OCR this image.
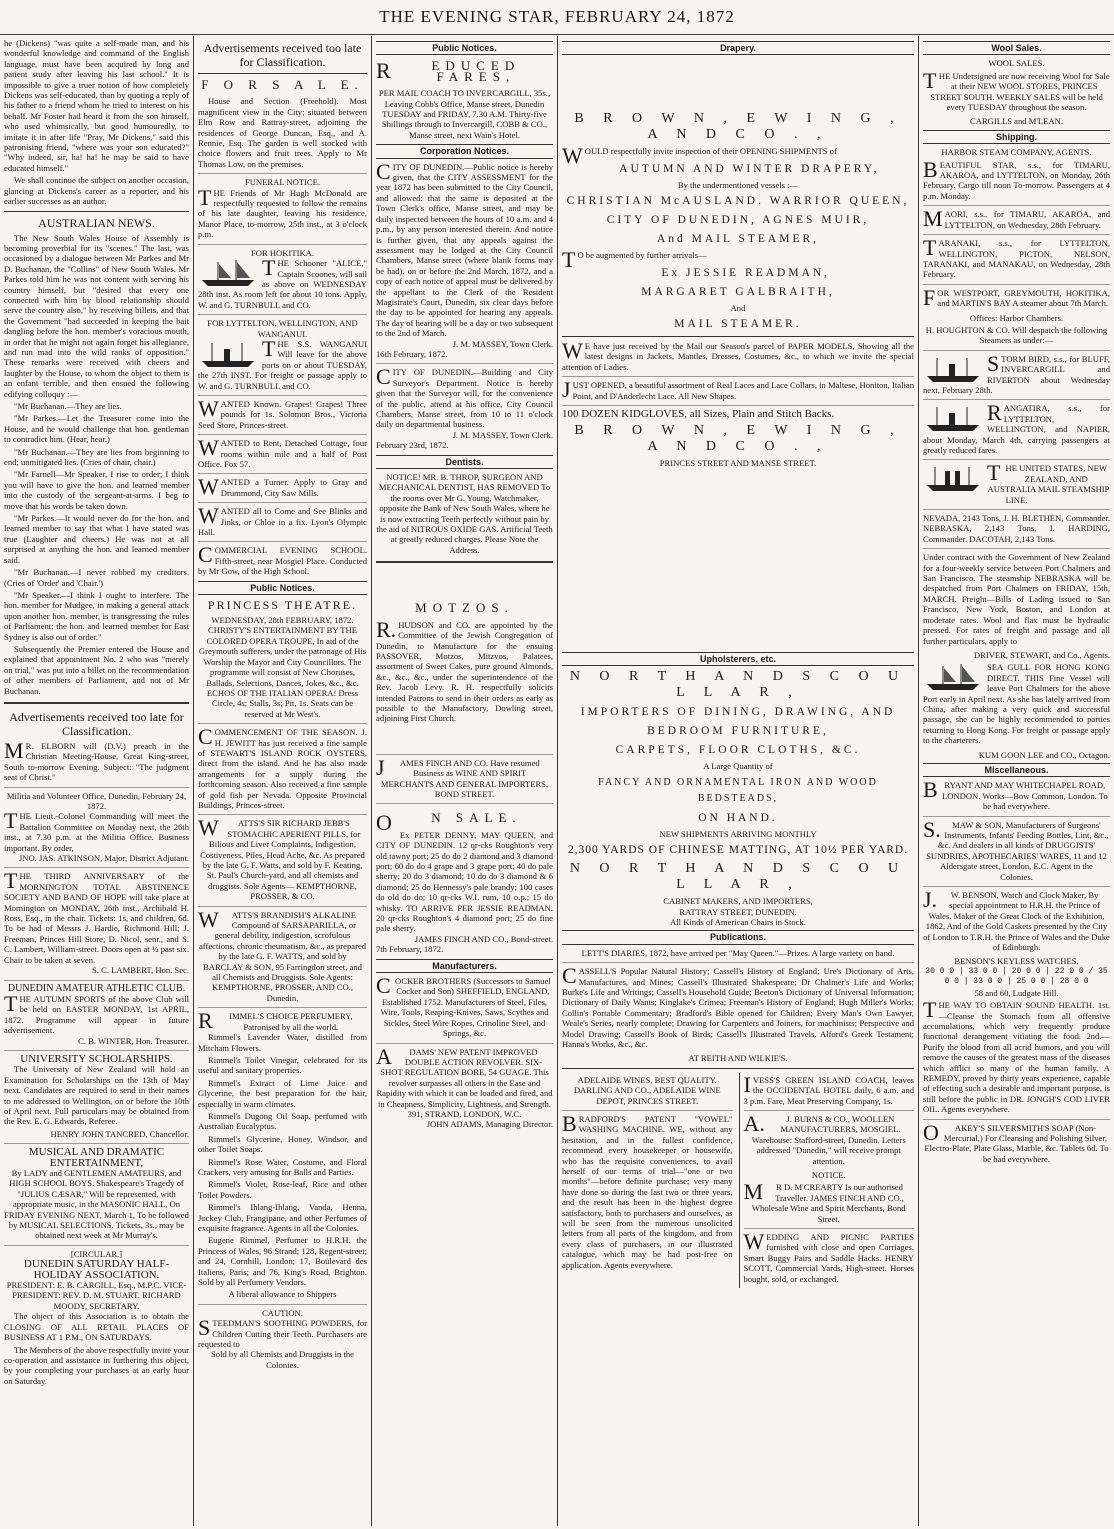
THE EVENING STAR, FEBRUARY 24, 1872

he (Dickens) "was quite a self-made man, and his wonderful knowledge and command of the English language, must have been acquired by long and patient study after leaving his last school." It is impossible to give a truer notion of how completely Dickens was self-educated, than by quoting a reply of his father to a friend whom he tried to interest on his behalf. Mr Foster had heard it from the son himself, who used whimsically, but good humouredly, to imitate it in after life "Pray, Mr Dickens," said this patronising friend, "where was your son educated?" "Why indeed, sir, ha! ha! he may be said to have educated himself."

We shall continue the subject on another occasion, glancing at Dickens's career as a reporter, and his earlier successes as an author.

AUSTRALIAN NEWS.

The New South Wales House of Assembly is becoming proverbial for its "scenes." The last, was occasioned by a dialogue between Mr Parkes and Mr D. Buchanan, the "Collins" of New South Wales. Mr Parkes told him he was not content with serving his country himself, but "desired that every one connected with him by blood relationship should serve the country also," by receiving billets, and that the Government "had succeeded in keeping the bait dangling before the hon. member's voracious mouth, in order that he might not again forget his allegiance, and run mad into the wild ranks of opposition." These remarks were received with cheers and laughter by the House, to whom the object to them is an enfant terrible, and then ensued the following edifying colloquy :—

"Mr Buchanan.—They are lies.

"Mr Parkes.—Let the Treasurer come into the House, and he would challenge that hon. gentleman to contradict him. (Hear, hear.)

"Mr Buchanan.—They are lies from beginning to end; unmitigated lies. (Cries of chair, chair.)

"Mr Farnell—Mr Speaker, I rise to order; I think you will have to give the hon. and learned member into the custody of the sergeant-at-arms. I beg to move that his words be taken down.

"Mr Parkes.—It would never do for the hon. and learned member to say that what I have stated was true (Laughter and cheers.) He was not at all surprised at anything the hon. and learned member said.

"Mr Buchanan.—I never robbed my creditors. (Cries of 'Order' and 'Chair.')

"Mr Speaker.—I think I ought to interfere. The hon. member for Mudgee, in making a general attack upon another hon. member, is transgressing the rules of Parliament; the hon. and learned member for East Sydney is also out of order."

Subsequently the Premier entered the House and explained that appointment No. 2 who was "merely on trial," was put into a billet on the recommendation of other members of Parliament, and not of Mr Buchanan.

Advertisements received too late for Classification.
MR. ELBORN will (D.V.) preach in the Christian Meeting-House, Great King-street, South to-morrow Evening. Subject: "The judgment seat of Christ."
Militia and Volunteer Office, Dunedin, February 24, 1872.
THE Lieut.-Colonel Commanding will meet the Battalion Committee on Monday next, the 26th inst., at 7.30 p.m. at the Militia Office. Business important. By order,
JNO. JAS. ATKINSON, Major, District Adjutant.
THE THIRD ANNIVERSARY of the MORNINGTON TOTAL ABSTINENCE SOCIETY AND BAND OF HOPE will take place at Mornington on MONDAY, 26th inst., Archibald H. Ross, Esq., in the chair. Tickets: 1s, and children, 6d. To be had of Messrs J. Hardie, Richmond Hill; J. Freeman, Princes Hill Store; D. Nicol, senr., and S. C. Lambert, William-street. Doors open at ¼ past six. Chair to be taken at seven.
S. C. LAMBERT, Hon. Sec.
DUNEDIN AMATEUR ATHLETIC CLUB.
THE AUTUMN SPORTS of the above Club will be held on EASTER MONDAY, 1st APRIL, 1872. Programme will appear in future advertisement.
C. B. WINTER, Hon. Treasurer.
UNIVERSITY SCHOLARSHIPS.

The University of New Zealand will hold an Examination for Scholarships on the 13th of May next. Candidates are required to send in their names to me addressed to Wellington, on or before the 10th of April next. Full particulars may be obtained from the Rev. E. G. Edwards, Referee.

HENRY JOHN TANCRED, Chancellor.
MUSICAL AND DRAMATIC ENTERTAINMENT,
By LADY and GENTLEMEN AMATEURS, and HIGH SCHOOL BOYS. Shakespeare's Tragedy of "JULIUS CÆSAR," Will be represented, with appropriate music, in the MASONIC HALL, On FRIDAY EVENING NEXT, March 1, To be followed by MUSICAL SELECTIONS. Tickets, 3s., may be obtained next week at Mr Murray's.
[CIRCULAR.]
DUNEDIN SATURDAY HALF-HOLIDAY ASSOCIATION.
PRESIDENT: E. B. CARGILL, Esq., M.P.C. VICE-PRESIDENT: REV. D. M. STUART. RICHARD MOODY, SECRETARY.

The object of this Association is to obtain the CLOSING OF ALL RETAIL PLACES OF BUSINESS AT 1 P.M., ON SATURDAYS.

The Members of the above respectfully invite your co-operation and assistance in furthering this object, by your completing your purchases at an early hour on Saturday.

Advertisements received too late for Classification.
F O R S A L E.

House and Section (Freehold). Most magnificent view in the City; situated between Elm Row and Rattray-street, adjoining the residences of George Duncan, Esq., and A. Rennie, Esq. The garden is well stocked with choice flowers and fruit trees. Apply to Mr Thomas Low, on the premises.

FUNERAL NOTICE.
THE Friends of Mr Hugh McDonald are respectfully requested to follow the remains of his late daughter, leaving his residence, Manor Place, to-morrow, 25th inst., at 3 o'clock p.m.
FOR HOKITIKA.
THE Schooner "ALICE," Captain Scoones, will sail as above on WEDNESDAY 28th inst. As room left for about 10 tons. Apply, W. and G. TURNBULL and CO.
FOR LYTTELTON, WELLINGTON, AND WANGANUI.
THE S.S. WANGANUI Will leave for the above ports on or about TUESDAY, the 27th INST. For freight or passage apply to W. and G. TURNBULL and CO.
WANTED Known. Grapes! Grapes! Three pounds for 1s. Solomon Bros., Victoria Seed Store, Princes-street.
WANTED to Rent, Detached Cottage, four rooms within mile and a half of Post Office. Fox 57.
WANTED a Turner. Apply to Gray and Drummond, City Saw Mills.
WANTED all to Come and See Blinks and Jinks, or Chloe in a fix. Lyon's Olympic Hall.
COMMERCIAL EVENING SCHOOL. Fifth-street, near Mosgiel Place. Conducted by Mr Gow, of the High School.
Public Notices.
PRINCESS THEATRE.
WEDNESDAY, 28th FEBRUARY, 1872. CHRISTY'S ENTERTAINMENT BY THE COLORED OPERA TROUPE, In aid of the Greymouth sufferers, under the patronage of His Worship the Mayor and City Councillors. The programme will consist of New Choruses, Ballads, Selections, Dances, Jokes, &c., &c. ECHOS OF THE ITALIAN OPERA! Dress Circle, 4s; Stalls, 3s; Pit, 1s. Seats can be reserved at Mr West's.
COMMENCEMENT OF THE SEASON. J. H. JEWITT has just received a fine sample of STEWART'S ISLAND ROCK OYSTERS, direct from the island. And he has also made arrangements for a supply during the forthcoming season. Also received a fine sample of gold fish per Nevada. Opposite Provincial Buildings, Princes-street.
WATTS'S SIR RICHARD JEBB'S STOMACHIC APERIENT PILLS, for Bilious and Liver Complaints, Indigestion, Costiveness, Piles, Head Ache, &c. As prepared by the late G. F. Watts, and sold by F. Keating, St. Paul's Church-yard, and all chemists and druggists. Sole Agents— KEMPTHORNE, PROSSER, & CO.
WATTS'S BRANDISH'S ALKALINE Compound of SARSAPARILLA, or general debility, indigestion, scrofulous affections, chronic rheumatism, &c., as prepared by the late G. F. WATTS, and sold by BARCLAY & SON, 95 Farringdon street, and all Chemists and Druggists. Sole Agents: KEMPTHORNE, PROSSER, AND CO., Dunedin.
RIMMEL'S CHOICE PERFUMERY, Patronised by all the world.

Rimmel's Lavender Water, distilled from Mitcham Flowers.

Rimmel's Toilet Vinegar, celebrated for its useful and sanitary properties.

Rimmel's Extract of Lime Juice and Glycerine, the best preparation for the hair, especially in warm climates.

Rimmel's Dugong Oil Soap, perfumed with Australian Eucalyptus.

Rimmel's Glycerine, Honey, Windsor, and other Toilet Soaps.

Rimmel's Rose Water, Costume, and Floral Crackers, very amusing for Balls and Parties.

Rimmel's Violet, Rose-leaf, Rice and other Toilet Powders.

Rimmel's Ihlang-Ihlang, Vanda, Henna, Jockey Club, Frangipane, and other Perfumes of exquisite fragrance. Agents in all the Colonies.

Eugene Rimmel, Perfumer to H.R.H. the Princess of Wales, 96 Strand; 128, Regent-street; and 24, Cornhill, London; 17, Boulevard des Italiens, Paris; and 76, King's Road, Brighton. Sold by all Perfumery Vendors.

A liberal allowance to Shippers
CAUTION.
STEEDMAN'S SOOTHING POWDERS, for Children Cutting their Teeth. Purchasers are requested to
Sold by all Chemists and Druggists in the Colonies.
Public Notices.
REDUCED FARES,
PER MAIL COACH TO INVERCARGILL, 35s., Leaving Cobb's Office, Manse street, Dunedin TUESDAY and FRIDAY, 7.30 A.M. Thirty-five Shillings through to Invercargill, COBB & CO., Manse street, next Wain's Hotel.
Corporation Notices.
CITY OF DUNEDIN.—Public notice is hereby given, that the CITY ASSESSMENT for the year 1872 has been submitted to the City Council, and allowed: that the same is deposited at the Town Clerk's office, Manse street, and may be daily inspected between the hours of 10 a.m. and 4 p.m., by any person interested therein. And notice is further given, that any appeals against the assessment may be lodged at the City Council Chambers, Manse street (where blank forms may be had), on or before the 2nd March, 1872, and a copy of each notice of appeal must be delivered by the appellant to the Clerk of the Resident Magistrate's Court, Dunedin, six clear days before the day to be appointed for hearing any appeals. The day of hearing will be a day or two subsequent to the 2nd of March.
J. M. MASSEY, Town Clerk.
16th February, 1872.
CITY OF DUNEDIN.—Building and City Surveyor's Department. Notice is hereby given that the Surveyor will, for the convenience of the public, attend at his office, City Council Chambers, Manse street, from 10 to 11 o'clock daily on departmental business.
J. M. MASSEY, Town Clerk.
February 23rd, 1872.
Dentists.
NOTICE! MR. B. THROP, SURGEON AND MECHANICAL DENTIST, HAS REMOVED To the rooms over Mr G. Young, Watchmaker, opposite the Bank of New South Wales, where he is now extracting Teeth perfectly without pain by the aid of NITROUS OXIDE GAS. Artificial Teeth at greatly reduced charges. Please Note the Address.
MOTZOS.
R.HUDSON and CO. are appointed by the Committee of the Jewish Congregation of Dunedin, to Manufacture for the ensuing PASSOVER, Motzos, Mitzvos, Palatees, assortment of Sweet Cakes, pure ground Almonds, &c., &c., &c., under the superintendence of the Rev. Jacob Levy. R. H. respectfully solicits intended Patrons to send in their orders as early as possible to the Manufactory, Dowling street, adjoining First Church.
JAMES FINCH AND CO. Have resumed Business as WINE AND SPIRIT MERCHANTS AND GENERAL IMPORTERS, BOND STREET.
ON SALE.
Ex PETER DENNY, MAY QUEEN, and CITY OF DUNEDIN. 12 qr-cks Roughton's very old tawny port; 25 do do 2 diamond and 3 diamond port; 60 do do 4 grape and 3 grape port; 40 do pale sherry; 20 do 3 diamond; 10 do do 3 diamond & 6 diamond; 25 do Hennessy's pale brandy; 100 cases do old do do; 10 qr-cks W.I. rum, 10 o.p.; 15 do whisky. TO ARRIVE PER JESSIE READMAN. 20 qr-cks Roughton's 4 diamond port; 25 do fine pale sherry.
JAMES FINCH AND CO., Bond-street.
7th February, 1872.
Manufacturers.
COCKER BROTHERS (Successors to Samuel Cocker and Son) SHEFFIELD, ENGLAND, Established 1752. Manufacturers of Steel, Files, Wire, Tools, Reaping-Knives, Saws, Scythes and Sickles, Steel Wire Ropes, Crinoline Steel, and Springs, &c.
ADAMS' NEW PATENT IMPROVED DOUBLE ACTION REVOLVER. SIX-SHOT REGULATION BORE, 54 GUAGE. This revolver surpasses all others in the Ease and Rapidity with which it can be loaded and fired, and in Cheapness, Simplicity, Lightness, and Strength. 391, STRAND, LONDON, W.C.
JOHN ADAMS, Managing Director.
Drapery.
B R O W N , E W I N G , A N D C O . ,
WOULD respectfully invite inspection of their OPENING SHIPMENTS of
AUTUMN AND WINTER DRAPERY,
By the undermentioned vessels :—
CHRISTIAN McAUSLAND. WARRIOR QUEEN,
CITY OF DUNEDIN, AGNES MUIR,
And MAIL STEAMER,
TO be augmented by further arrivals—
Ex JESSIE READMAN,
MARGARET GALBRAITH,
And
MAIL STEAMER.
WE have just received by the Mail our Season's parcel of PAPER MODELS, Showing all the latest designs in Jackets, Mantles, Dresses, Costumes, &c., to which we invite the special attention of Ladies.
JUST OPENED, a beautiful assortment of Real Laces and Lace Collars, in Maltese, Honiton, Italian Point, and D'Anderlecht Lace. All New Shapes.
100 DOZEN KIDGLOVES, all Sizes, Plain and Stitch Backs.
B R O W N , E W I N G , A N D C O . ,
PRINCES STREET AND MANSE STREET.
Upholsterers, etc.
N O R T H A N D S C O U L L A R ,
IMPORTERS OF DINING, DRAWING, AND
BEDROOM FURNITURE,
CARPETS, FLOOR CLOTHS, &C.
A Large Quantity of
FANCY AND ORNAMENTAL IRON AND WOOD BEDSTEADS,
ON HAND.
NEW SHIPMENTS ARRIVING MONTHLY
2,300 YARDS OF CHINESE MATTING, AT 10½ PER YARD.
N O R T H A N D S C O U L L A R ,
CABINET MAKERS, AND IMPORTERS,
RATTRAY STREET, DUNEDIN.
All Kinds of American Chairs in Stock.
Publications.
LETT'S DIARIES, 1872, have arrived per "May Queen."—Prizes. A large variety on hand.
CASSELL'S Popular Natural History; Cassell's History of England; Ure's Dictionary of Arts, Manufactures, and Mines; Cassell's Illustrated Shakespeare; Dr Chalmer's Life and Works; Burke's Life and Writings; Cassell's Household Guide; Beeton's Dictionary of Universal Information; Dictionary of Daily Wants; Kinglake's Crimea; Freeman's History of England; Hugh Miller's Works; Collin's Portable Commentary; Bradford's Bible opened for Children; Every Man's Own Lawyer, Weale's Series, nearly complete; Drawing for Carpenters and Joiners, for machinists; Perspective and Model Drawing; Cassell's Book of Birds; Cassell's Illustrated Travels. Alford's Greek Testament; Hanna's Works, &c., &c.
AT REITH AND WILKIE'S.
ADELAIDE WINES, BEST QUALITY. DARLING AND CO., ADELAIDE WINE DEPOT, PRINCES STREET.
BRADFORD'S PATENT "VOWEL" WASHING MACHINE. WE, without any hesitation, and in the fullest confidence, recommend every housekeeper or housewife, who has the requisite conveniences, to avail herself of our terms of trial—"one or two months"—before definite purchase; very many have done so during the last two or three years, and the result has been in the highest degree satisfactory, both to purchasers and ourselves, as will be seen from the numerous unsolicited letters from all parts of the kingdom, and from every class of purchasers, in our illustrated catalogue, which may be had post-free on application. Agents everywhere.
IVESS'S GREEN ISLAND COACH, leaves the OCCIDENTAL HOTEL daily, 6 a.m. and 3 p.m. Fare, Meat Preserving Company, 1s.
A.J. BURNS & CO., WOOLLEN MANUFACTURERS, MOSGIEL. Warehouse: Stafford-street, Dunedin. Letters addressed "Dunedin," will receive prompt attention.
NOTICE.
MR D. M'CREARTY Is our authorised Traveller. JAMES FINCH AND CO., Wholesale Wine and Spirit Merchants, Bond Street.
WEDDING AND PICNIC PARTIES furnished with close and open Carriages. Smart Buggy Pairs and Saddle Hacks. HENRY SCOTT, Commercial Yards, High-street. Horses bought, sold, or exchanged.
Wool Sales.
WOOL SALES.
THE Undersigned are now receiving Wool for Sale at their NEW WOOL STORES, PRINCES STREET SOUTH. WEEKLY SALES will be held every TUESDAY throughout the season.
CARGILLS and M'LEAN.
Shipping.
HARBOR STEAM COMPANY, AGENTS.
BEAUTIFUL STAR, s.s., for TIMARU, AKAROA, and LYTTELTON, on Monday, 26th February. Cargo till noon To-morrow. Passengers at 4 p.m. Monday.
MAORI, s.s., for TIMARU, AKAROA, and LYTTELTON, on Wednesday, 28th February.
TARANAKI, s.s., for LYTTELTON, WELLINGTON, PICTON, NELSON, TARANAKI, and MANAKAU, on Wednesday, 28th February.
FOR WESTPORT, GREYMOUTH, HOKITIKA, and MARTIN'S BAY A steamer about 7th March.
Offices: Harbor Chambers.
H. HOUGHTON & CO. Will despatch the following Steamers as under:—
STORM BIRD, s.s., for BLUFF, INVERCARGILL and RIVERTON about Wednesday next, February 28th.
RANGATIRA, s.s., for LYTTELTON, WELLINGTON, and NAPIER, about Monday, March 4th, carrying passengers at greatly reduced fares.
THE UNITED STATES, NEW ZEALAND, AND AUSTRALIA MAIL STEAMSHIP LINE.
NEVADA, 2143 Tons, J. H. BLETHEN, Commander. NEBRASKA, 2,143 Tons, I. HARDING, Commander. DACOTAH, 2,143 Tons.
Under contract with the Government of New Zealand for a four-weekly service between Port Chalmers and San Francisco. The steamship NEBRASKA will be despatched from Port Chalmers on FRIDAY, 15th, MARCH. Freight—Bills of Lading issued to San Francisco, New York, Boston, and London at moderate rates. Wool and flax must be hydraulic pressed. For rates of freight and passage and all further particulars, apply to
DRIVER, STEWART, and Co., Agents.
SEA GULL FOR HONG KONG DIRECT. THIS Fine Vessel will leave Port Chalmers for the above Port early in April next. As she has lately arrived from China, after making a very quick and successful passage, she can be highly recommended to parties returning to Hong Kong. For freight or passage apply to the charterers.
KUM GOON LEE and CO., Octagon.
Miscellaneous.
BRYANT AND MAY WHITECHAPEL ROAD, LONDON. Works—Bow Common, London. To be had everywhere.
S.MAW & SON, Manufacturers of Surgeons' Instruments, Infants' Feeding Bottles, Lint, &c., &c. And dealers in all kinds of DRUGGISTS' SUNDRIES, APOTHECARIES' WARES, 11 and 12 Aldersgate street, London, E.C. Agent in the Colonies.
J.W. BENSON, Watch and Clock Maker, By special appointment to H.R.H. the Prince of Wales. Maker of the Great Clock of the Exhibition, 1862, And of the Gold Caskets presented by the City of London to T.R.H. the Prince of Wales and the Duke of Edinburgh.
BENSON'S KEYLESS WATCHES.
30 0 0 | 33 0 0 | 20 0 0 | 22 0 0 / 35 0 0 | 33 0 0 | 25 0 0 | 28 0 0
58 and 60, Ludgate Hill.
THE WAY TO OBTAIN SOUND HEALTH. 1st.—Cleanse the Stomach from all offensive accumulations, which very frequently produce functional derangement vitiating the food. 2nd.—Purify the blood from all acrid humors, and you will remove the causes of the greatest mass of the diseases which afflict so many of the human family. A REMEDY, proved by thirty years experience, capable of effecting such a desirable and important purpose, is still before the public in DR. JONGH'S COD LIVER OIL. Agents everywhere.
OAKEY'S SILVERSMITH'S SOAP (Non-Mercurial,) For Cleansing and Polishing Silver, Electro-Plate, Plate Glass, Marble, &c. Tablets 6d. To be had everywhere.
